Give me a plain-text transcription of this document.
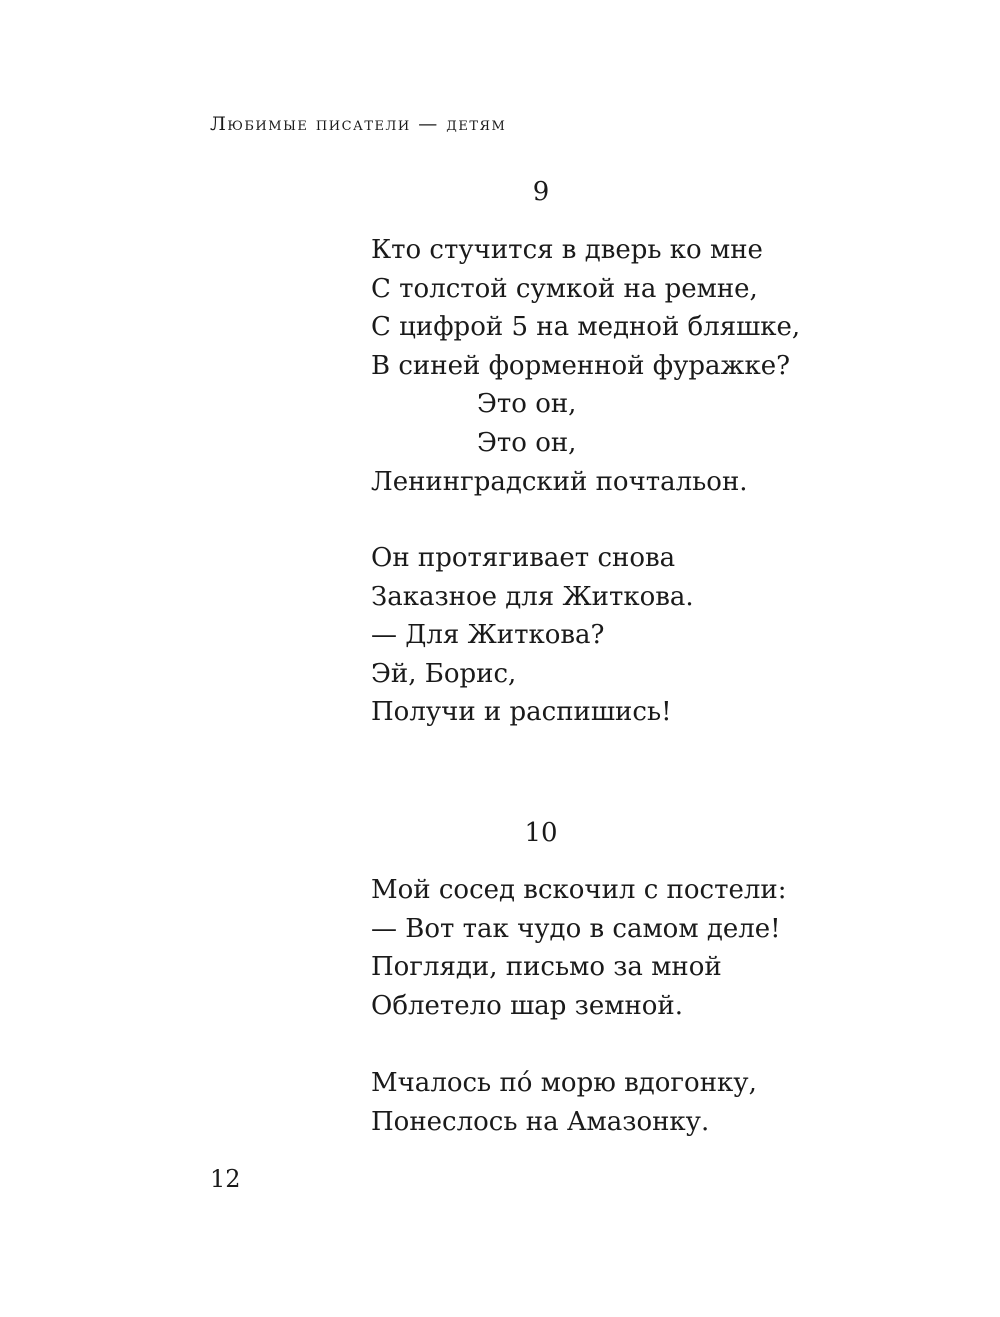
Любимые писатели — детям
9
Кто стучится в дверь ко мне
С толстой сумкой на ремне,
С цифрой 5 на медной бляшке,
В синей форменной фуражке?
Это он,
Это он,
Ленинградский почтальон.
Он протягивает снова
Заказное для Житкова.
— Для Житкова?
Эй, Борис,
Получи и распишись!
10
Мой сосед вскочил с постели:
— Вот так чудо в самом деле!
Погляди, письмо за мной
Облетело шар земной.
Мчалось по́ морю вдогонку,
Понеслось на Амазонку.
12
